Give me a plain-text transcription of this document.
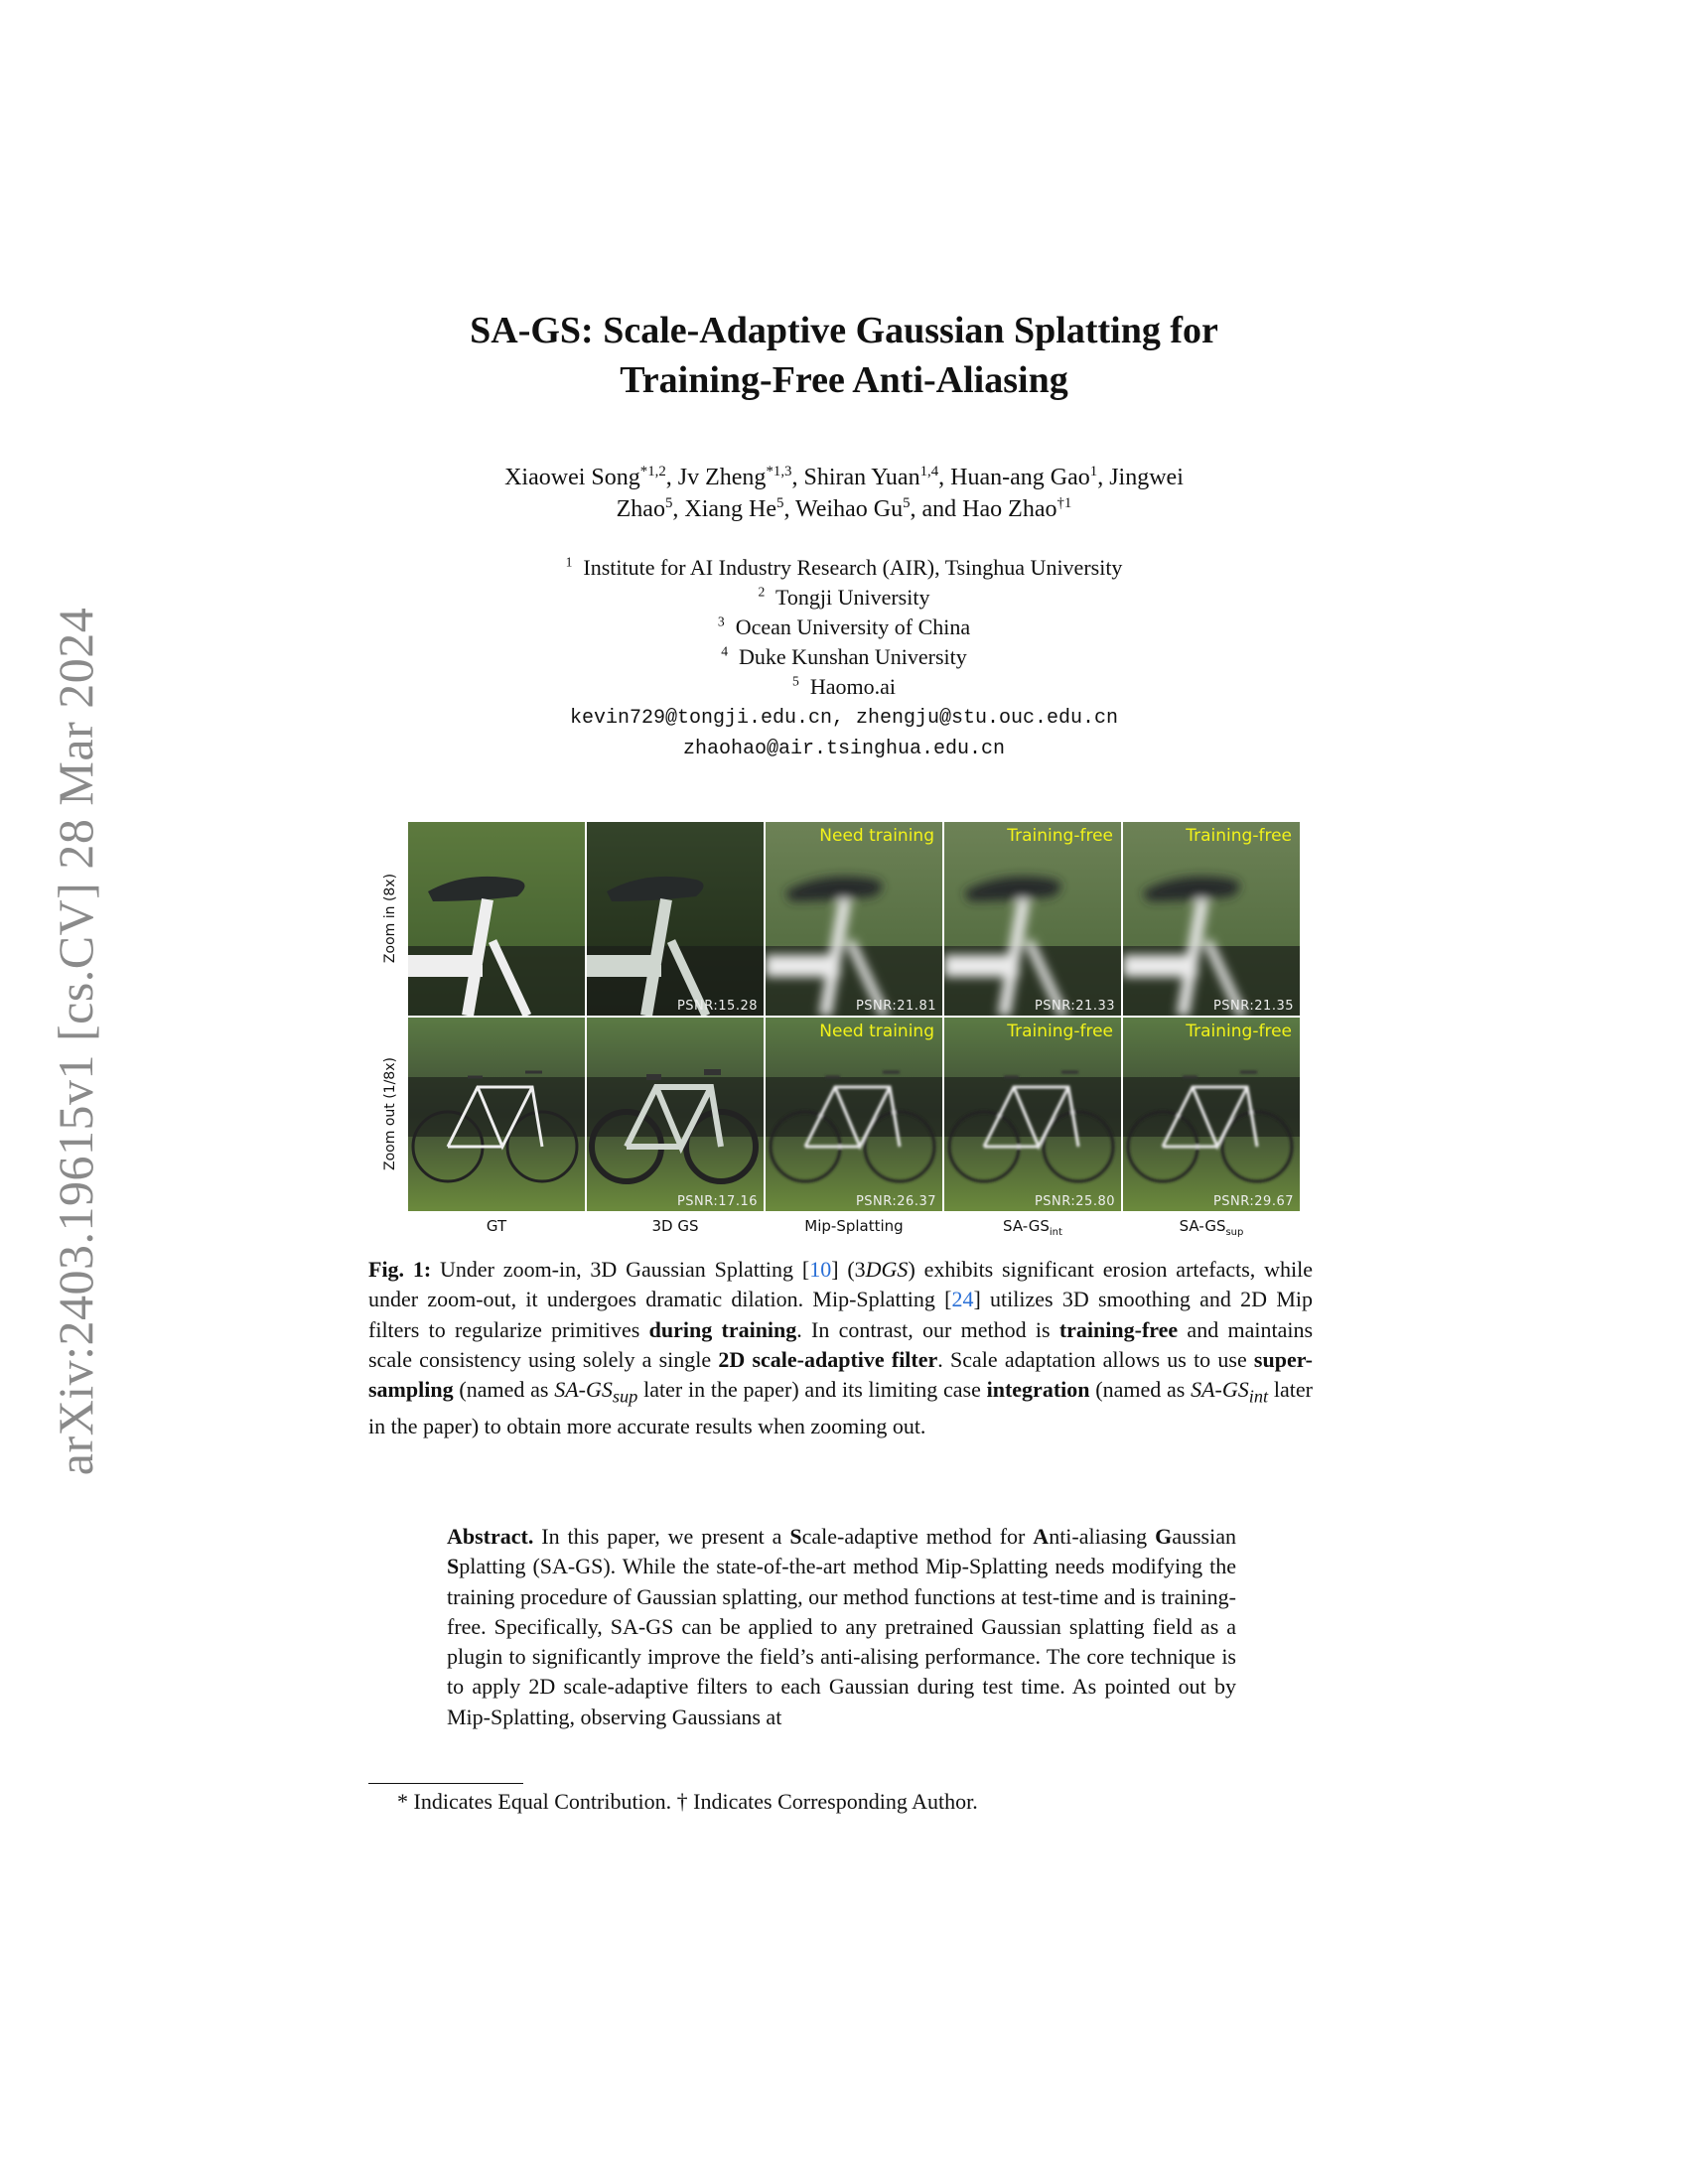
arXiv:2403.19615v1 [cs.CV] 28 Mar 2024
SA-GS: Scale-Adaptive Gaussian Splatting for
Training-Free Anti-Aliasing
Xiaowei Song$^{*1,2}$, Jv Zheng$^{*1,3}$, Shiran Yuan$^{1,4}$, Huan-ang Gao$^1$, Jingwei
Zhao$^5$, Xiang He$^5$, Weihao Gu$^5$, and Hao Zhao$^{\dagger 1}$
$^1$ Institute for AI Industry Research (AIR), Tsinghua University
$^2$ Tongji University
$^3$ Ocean University of China
$^4$ Duke Kunshan University
$^5$ Haomo.ai
kevin729@tongji.edu.cn, zhengju@stu.ouc.edu.cn
zhaohao@air.tsinghua.edu.cn
Zoom in (8x)
Zoom out (1/8x)
PSNR:15.28
Need training
PSNR:21.81
Training-free
PSNR:21.33
Training-free
PSNR:21.35
PSNR:17.16
Need training
PSNR:26.37
Training-free
PSNR:25.80
Training-free
PSNR:29.67
GT	3D GS	Mip-Splatting	$SA-GS_{int}$	$SA-GS_{sup}$
Fig. 1: Under zoom-in, 3D Gaussian Splatting [10] (3DGS) exhibits significant erosion artefacts, while under zoom-out, it undergoes dramatic dilation. Mip-Splatting [24] utilizes 3D smoothing and 2D Mip filters to regularize primitives during training. In contrast, our method is training-free and maintains scale consistency using solely a single 2D scale-adaptive filter. Scale adaptation allows us to use super-sampling (named as $SA-GS_{sup}$ later in the paper) and its limiting case integration (named as $SA-GS_{int}$ later in the paper) to obtain more accurate results when zooming out.
Abstract. In this paper, we present a Scale-adaptive method for Anti-aliasing Gaussian Splatting (SA-GS). While the state-of-the-art method Mip-Splatting needs modifying the training procedure of Gaussian splatting, our method functions at test-time and is training-free. Specifically, SA-GS can be applied to any pretrained Gaussian splatting field as a plugin to significantly improve the field’s anti-alising performance. The core technique is to apply 2D scale-adaptive filters to each Gaussian during test time. As pointed out by Mip-Splatting, observing Gaussians at
* Indicates Equal Contribution. † Indicates Corresponding Author.
